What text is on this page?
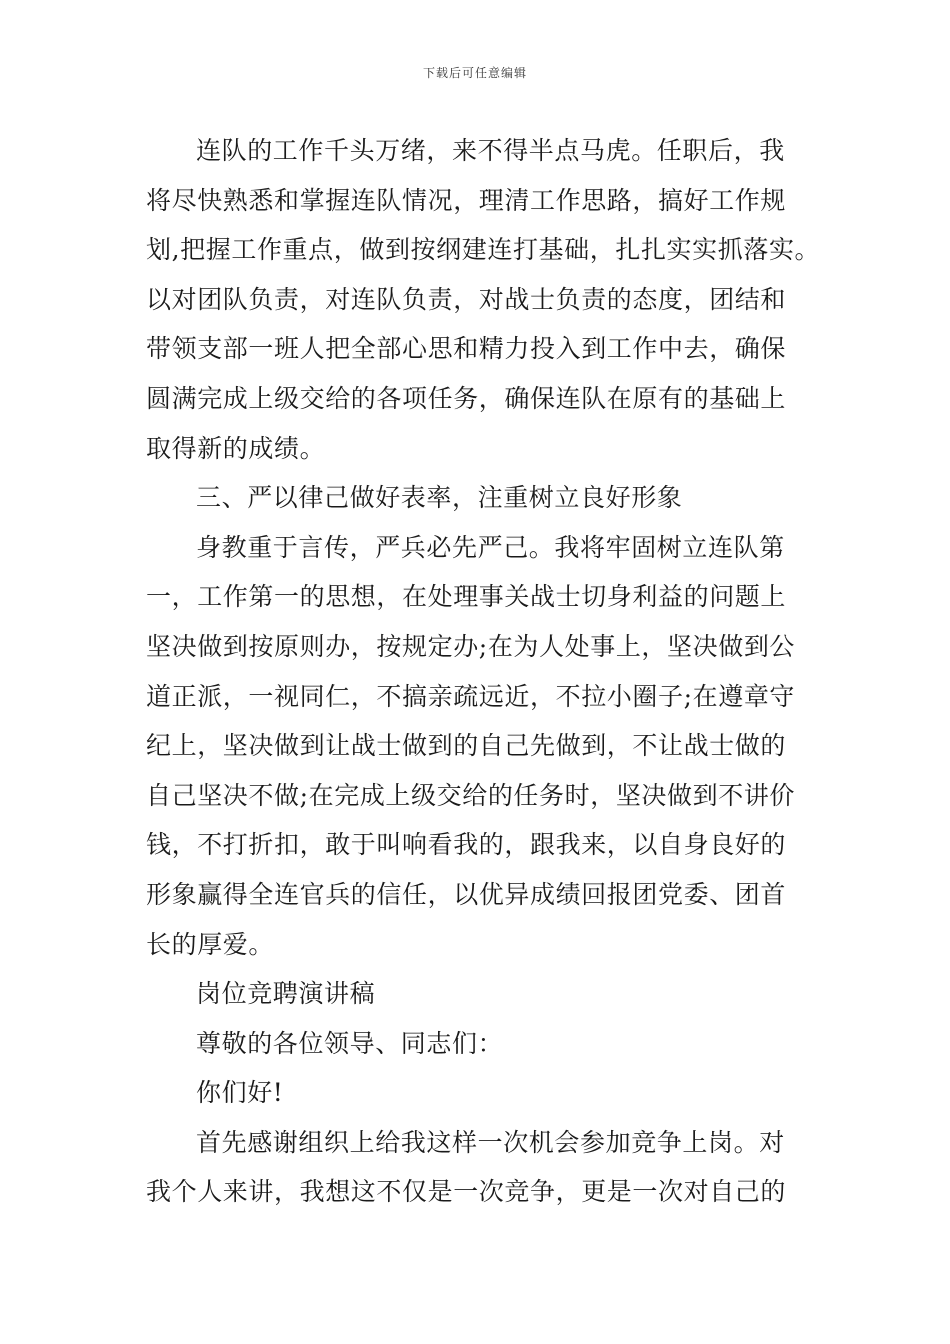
下载后可任意编辑
连队的工作千头万绪，来不得半点马虎。任职后，我
将尽快熟悉和掌握连队情况，理清工作思路，搞好工作规
划,把握工作重点，做到按纲建连打基础，扎扎实实抓落实。
以对团队负责，对连队负责，对战士负责的态度，团结和
带领支部一班人把全部心思和精力投入到工作中去，确保
圆满完成上级交给的各项任务，确保连队在原有的基础上
取得新的成绩。
三、严以律己做好表率，注重树立良好形象
身教重于言传，严兵必先严己。我将牢固树立连队第
一，工作第一的思想，在处理事关战士切身利益的问题上
坚决做到按原则办，按规定办;在为人处事上，坚决做到公
道正派，一视同仁，不搞亲疏远近，不拉小圈子;在遵章守
纪上，坚决做到让战士做到的自己先做到，不让战士做的
自己坚决不做;在完成上级交给的任务时，坚决做到不讲价
钱，不打折扣，敢于叫响看我的，跟我来，以自身良好的
形象赢得全连官兵的信任，以优异成绩回报团党委、团首
长的厚爱。
岗位竞聘演讲稿
尊敬的各位领导、同志们：
你们好!
首先感谢组织上给我这样一次机会参加竞争上岗。对
我个人来讲，我想这不仅是一次竞争，更是一次对自己的
